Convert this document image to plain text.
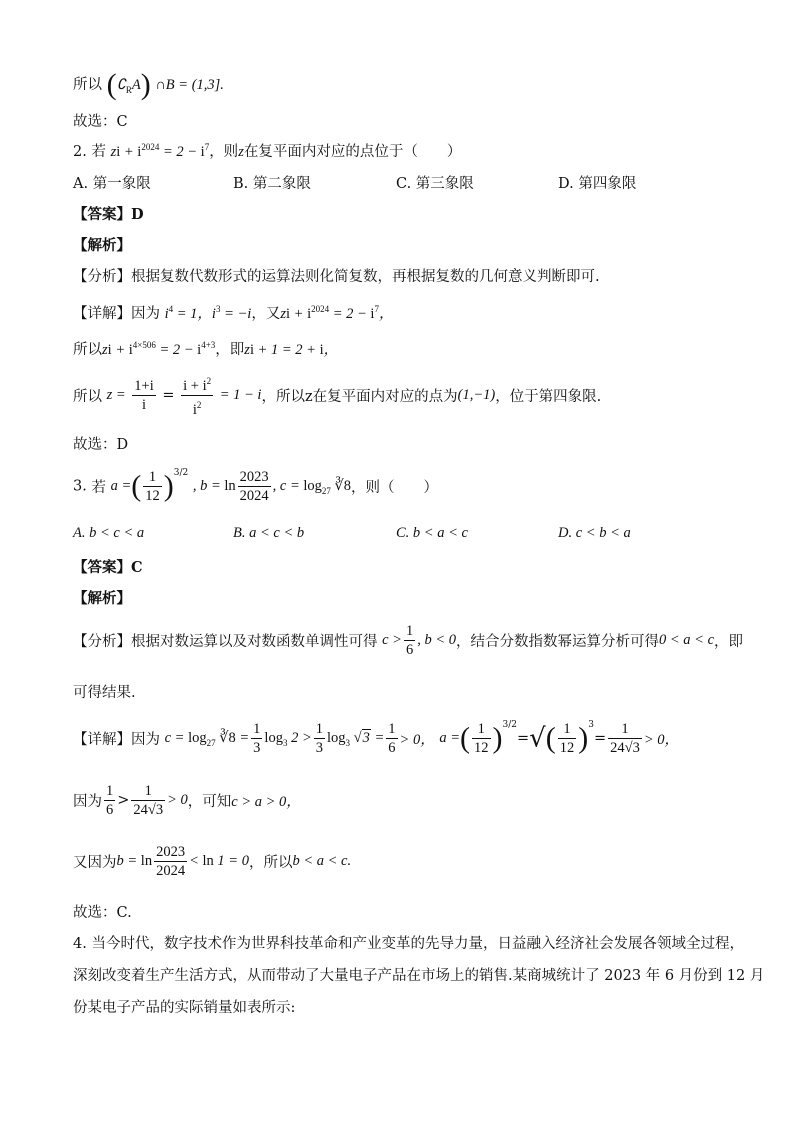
所以 $(∁_RA)$ ∩B = (1,3].
故选：C
2. 若 zi + $i^{2024} = 2 - i^7$，则z在复平面内对应的点位于（　　）
A. 第一象限	B. 第二象限	C. 第三象限	D. 第四象限
【答案】D
【解析】
【分析】根据复数代数形式的运算法则化简复数，再根据复数的几何意义判断即可.
【详解】因为 $i^4 = 1$，$i^3 = -i$，又zi + $i^{2024} = 2 - i^7$，
所以zi + $i^{4\times 506} = 2 - i^{4+3}$，即zi + 1 = 2 + i，
所以 $z = \frac{1+i}{i} = \frac{i + i^2}{i^2} = 1 - i$，所以z在复平面内对应的点为(1,−1)，位于第四象限.
故选：D
3. 若 a =( $\frac{1}{12} )^{3/2}$ , $b = \ln \frac{2023}{2024}$ , $c = \log_{27}$ ∛8，则（　　）
A. b < c < a	B. a < c < b	C. b < a < c	D. c < b < a
【答案】C
【解析】
【分析】根据对数运算以及对数函数单调性可得 $c > \frac{1}{6}$ , b < 0，结合分数指数幂运算分析可得0 < a < c，即
可得结果.
【详解】因为 $c = \log_{27}$ ∛8 = $\frac{1}{3} \log_3 2 > \frac{1}{3} \log_3 √3 = \frac{1}{6} > 0$， a =( $\frac{1}{12} )^{3/2}=√( \frac{1}{12} )^3= \frac{1}{24√3} > 0$，
因为 $\frac{1}{6} > \frac{1}{24√3} > 0$，可知c > a > 0，
又因为$b = \ln \frac{2023}{2024} < \ln 1 = 0$，所以b < a < c.
故选：C.
4. 当今时代，数字技术作为世界科技革命和产业变革的先导力量，日益融入经济社会发展各领域全过程，
深刻改变着生产生活方式，从而带动了大量电子产品在市场上的销售.某商城统计了 2023 年 6 月份到 12 月
份某电子产品的实际销量如表所示:
